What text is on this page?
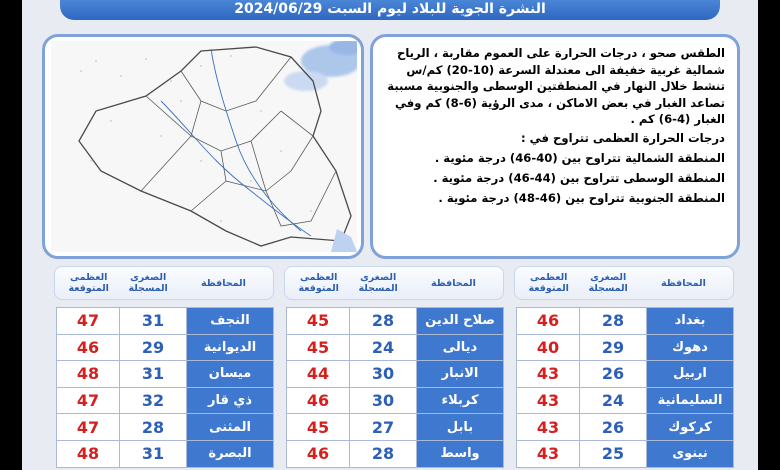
النشرة الجوية للبلاد ليوم السبت 2024/06/29
الطقس صحو ، درجات الحرارة على العموم مقاربة ، الرياح شمالية غربية خفيفة الى معتدلة السرعة (10-20) كم/س تنشط خلال النهار في المنطقتين الوسطى والجنوبية مسببة تصاعد الغبار في بعض الاماكن ، مدى الرؤية (6-8) كم وفي الغبار (4-6) كم .
درجات الحرارة العظمى تتراوح في :
المنطقة الشمالية تتراوح بين (40-46) درجة مئوية .
المنطقة الوسطى تتراوح بين (44-46) درجة مئوية .
المنطقة الجنوبية تتراوح بين (46-48) درجة مئوية .
المحافظة
الصغرى
المسجلة
العظمى
المتوقعة
بغداد
28
46
دهوك
29
40
اربيل
26
43
السليمانية
24
43
كركوك
26
43
نينوى
25
43
المحافظة
الصغرى
المسجلة
العظمى
المتوقعة
صلاح الدين
28
45
ديالى
24
45
الانبار
30
44
كربلاء
30
46
بابل
27
45
واسط
28
46
المحافظة
الصغرى
المسجلة
العظمى
المتوقعة
النجف
31
47
الديوانية
29
46
ميسان
31
48
ذي قار
32
47
المثنى
28
47
البصرة
31
48
